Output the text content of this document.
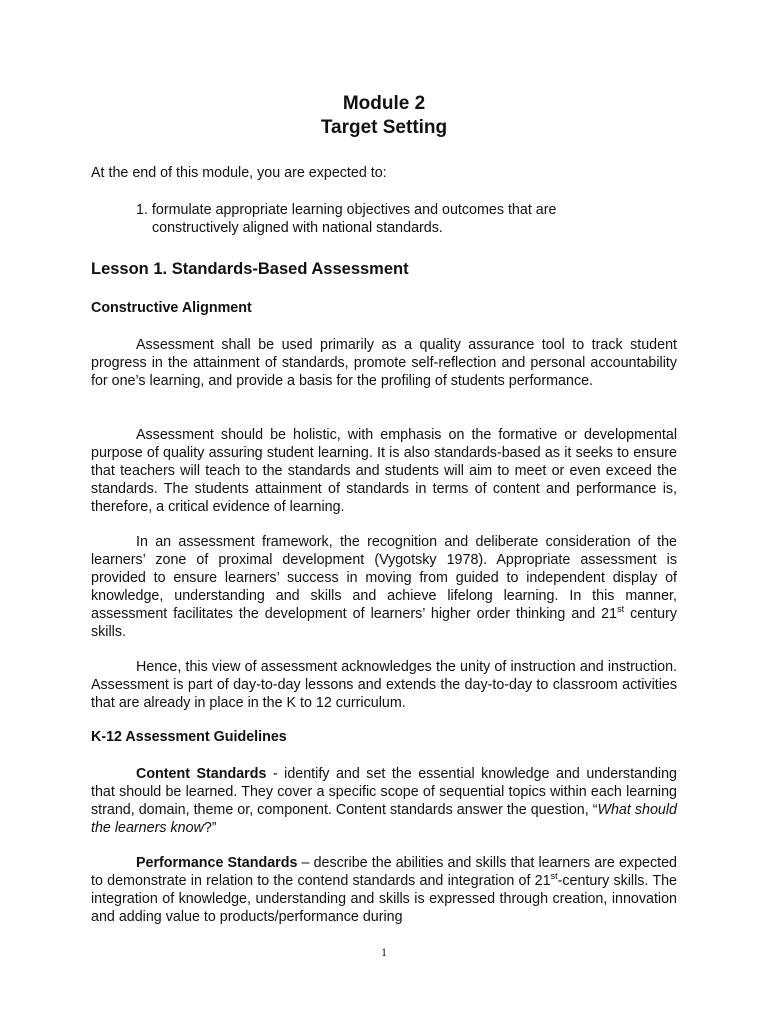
Module 2
Target Setting

At the end of this module, you are expected to:

1. formulate appropriate learning objectives and outcomes that are
constructively aligned with national standards.
Lesson 1. Standards-Based Assessment
Constructive Alignment

Assessment shall be used primarily as a quality assurance tool to track student progress in the attainment of standards, promote self-reflection and personal accountability for one’s learning, and provide a basis for the profiling of students performance.

Assessment should be holistic, with emphasis on the formative or developmental purpose of quality assuring student learning. It is also standards-based as it seeks to ensure that teachers will teach to the standards and students will aim to meet or even exceed the standards. The students attainment of standards in terms of content and performance is, therefore, a critical evidence of learning.

In an assessment framework, the recognition and deliberate consideration of the learners’ zone of proximal development (Vygotsky 1978). Appropriate assessment is provided to ensure learners’ success in moving from guided to independent display of knowledge, understanding and skills and achieve lifelong learning. In this manner, assessment facilitates the development of learners’ higher order thinking and 21st century skills.

Hence, this view of assessment acknowledges the unity of instruction and instruction. Assessment is part of day-to-day lessons and extends the day-to-day to classroom activities that are already in place in the K to 12 curriculum.

K-12 Assessment Guidelines

Content Standards - identify and set the essential knowledge and understanding that should be learned. They cover a specific scope of sequential topics within each learning strand, domain, theme or, component. Content standards answer the question, “What should the learners know?”

Performance Standards – describe the abilities and skills that learners are expected to demonstrate in relation to the contend standards and integration of 21st-century skills. The integration of knowledge, understanding and skills is expressed through creation, innovation and adding value to products/performance during

1
